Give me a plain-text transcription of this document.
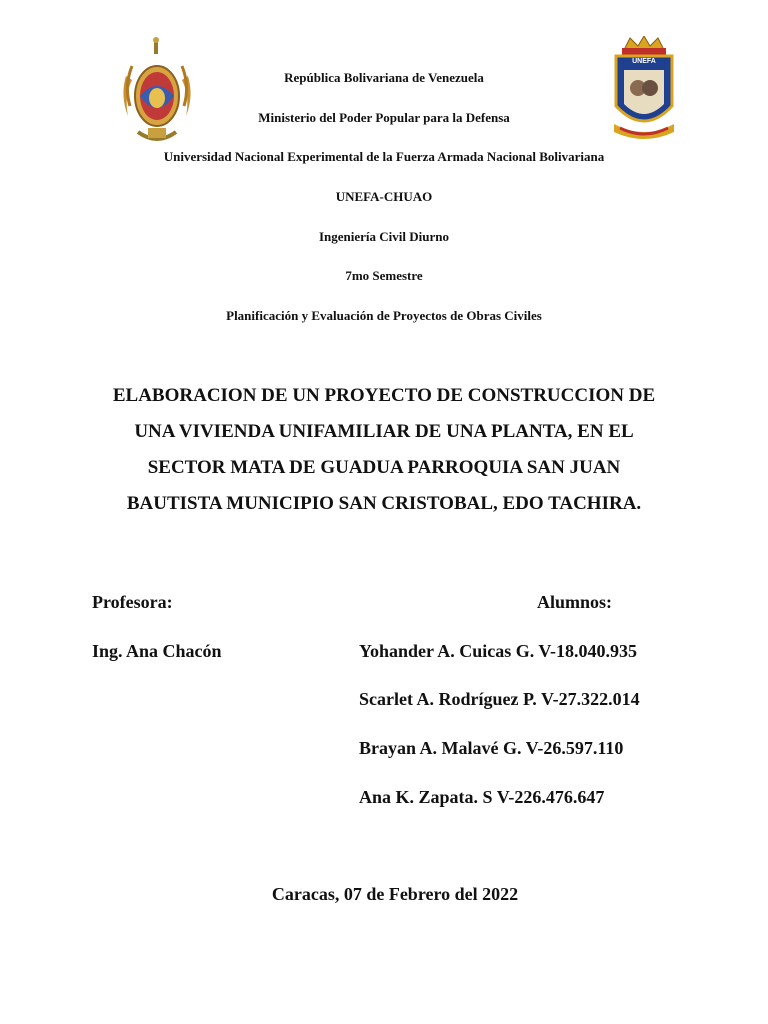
UNEFA
República Bolivariana de Venezuela
Ministerio del Poder Popular para la Defensa
Universidad Nacional Experimental de la Fuerza Armada Nacional Bolivariana
UNEFA-CHUAO
Ingeniería Civil Diurno
7mo Semestre
Planificación y Evaluación de Proyectos de Obras Civiles
ELABORACION DE UN PROYECTO DE CONSTRUCCION DE
UNA VIVIENDA UNIFAMILIAR DE UNA PLANTA, EN EL
SECTOR MATA DE GUADUA PARROQUIA SAN JUAN
BAUTISTA MUNICIPIO SAN CRISTOBAL, EDO TACHIRA.
Profesora:
Ing. Ana Chacón
Alumnos:
Yohander A. Cuicas G. V-18.040.935
Scarlet A. Rodríguez P. V-27.322.014
Brayan A. Malavé G. V-26.597.110
Ana K. Zapata. S V-226.476.647
Caracas, 07 de Febrero del 2022
